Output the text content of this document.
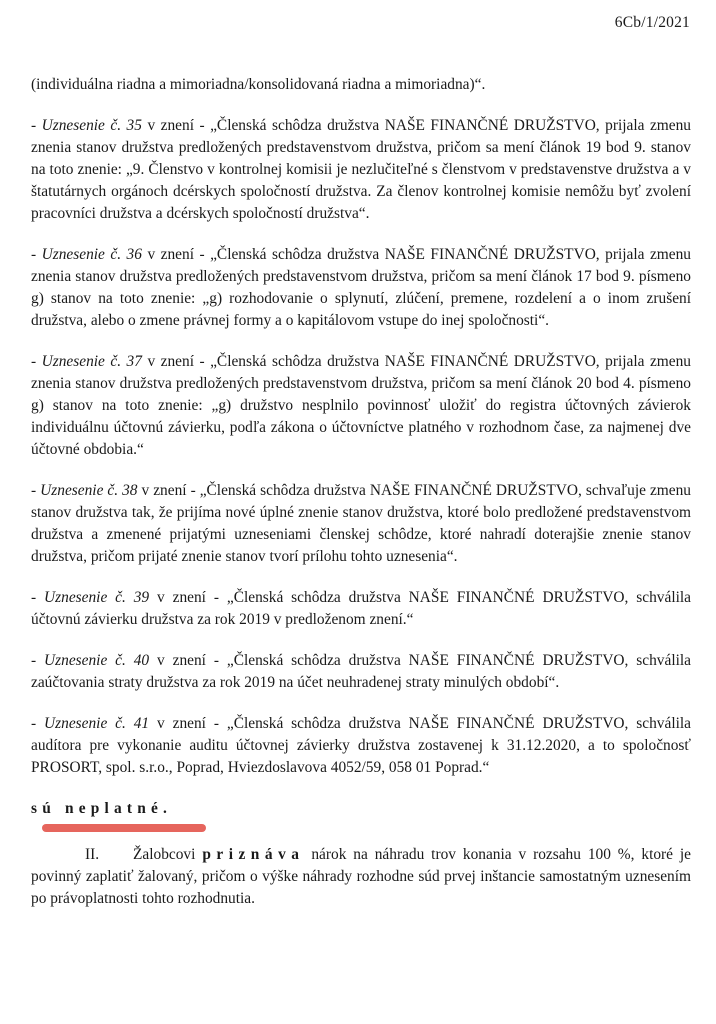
6Cb/1/2021
(individuálna riadna a mimoriadna/konsolidovaná riadna a mimoriadna)“.
- Uznesenie č. 35 v znení - „Členská schôdza družstva NAŠE FINANČNÉ DRUŽSTVO, prijala zmenu znenia stanov družstva predložených predstavenstvom družstva, pričom sa mení článok 19 bod 9. stanov na toto znenie: „9. Členstvo v kontrolnej komisii je nezlučiteľné s členstvom v predstavenstve družstva a v štatutárnych orgánoch dcérskych spoločností družstva. Za členov kontrolnej komisie nemôžu byť zvolení pracovníci družstva a dcérskych spoločností družstva“.
- Uznesenie č. 36 v znení - „Členská schôdza družstva NAŠE FINANČNÉ DRUŽSTVO, prijala zmenu znenia stanov družstva predložených predstavenstvom družstva, pričom sa mení článok 17 bod 9. písmeno g) stanov na toto znenie: „g) rozhodovanie o splynutí, zlúčení, premene, rozdelení a o inom zrušení družstva, alebo o zmene právnej formy a o kapitálovom vstupe do inej spoločnosti“.
- Uznesenie č. 37 v znení - „Členská schôdza družstva NAŠE FINANČNÉ DRUŽSTVO, prijala zmenu znenia stanov družstva predložených predstavenstvom družstva, pričom sa mení článok 20 bod 4. písmeno g) stanov na toto znenie: „g) družstvo nesplnilo povinnosť uložiť do registra účtovných závierok individuálnu účtovnú závierku, podľa zákona o účtovníctve platného v rozhodnom čase, za najmenej dve účtovné obdobia.“
- Uznesenie č. 38 v znení - „Členská schôdza družstva NAŠE FINANČNÉ DRUŽSTVO, schvaľuje zmenu stanov družstva tak, že prijíma nové úplné znenie stanov družstva, ktoré bolo predložené predstavenstvom družstva a zmenené prijatými uzneseniami členskej schôdze, ktoré nahradí doterajšie znenie stanov družstva, pričom prijaté znenie stanov tvorí prílohu tohto uznesenia“.
- Uznesenie č. 39 v znení - „Členská schôdza družstva NAŠE FINANČNÉ DRUŽSTVO, schválila účtovnú závierku družstva za rok 2019 v predloženom znení.“
- Uznesenie č. 40 v znení - „Členská schôdza družstva NAŠE FINANČNÉ DRUŽSTVO, schválila zaúčtovania straty družstva za rok 2019 na účet neuhradenej straty minulých období“.
- Uznesenie č. 41 v znení - „Členská schôdza družstva NAŠE FINANČNÉ DRUŽSTVO, schválila audítora pre vykonanie auditu účtovnej závierky družstva zostavenej k 31.12.2020, a to spoločnosť PROSORT, spol. s.r.o., Poprad, Hviezdoslavova 4052/59, 058 01 Poprad.“
sú neplatné.
II. Žalobcovi priznáva nárok na náhradu trov konania v rozsahu 100 %, ktoré je povinný zaplatiť žalovaný, pričom o výške náhrady rozhodne súd prvej inštancie samostatným uznesením po právoplatnosti tohto rozhodnutia.
